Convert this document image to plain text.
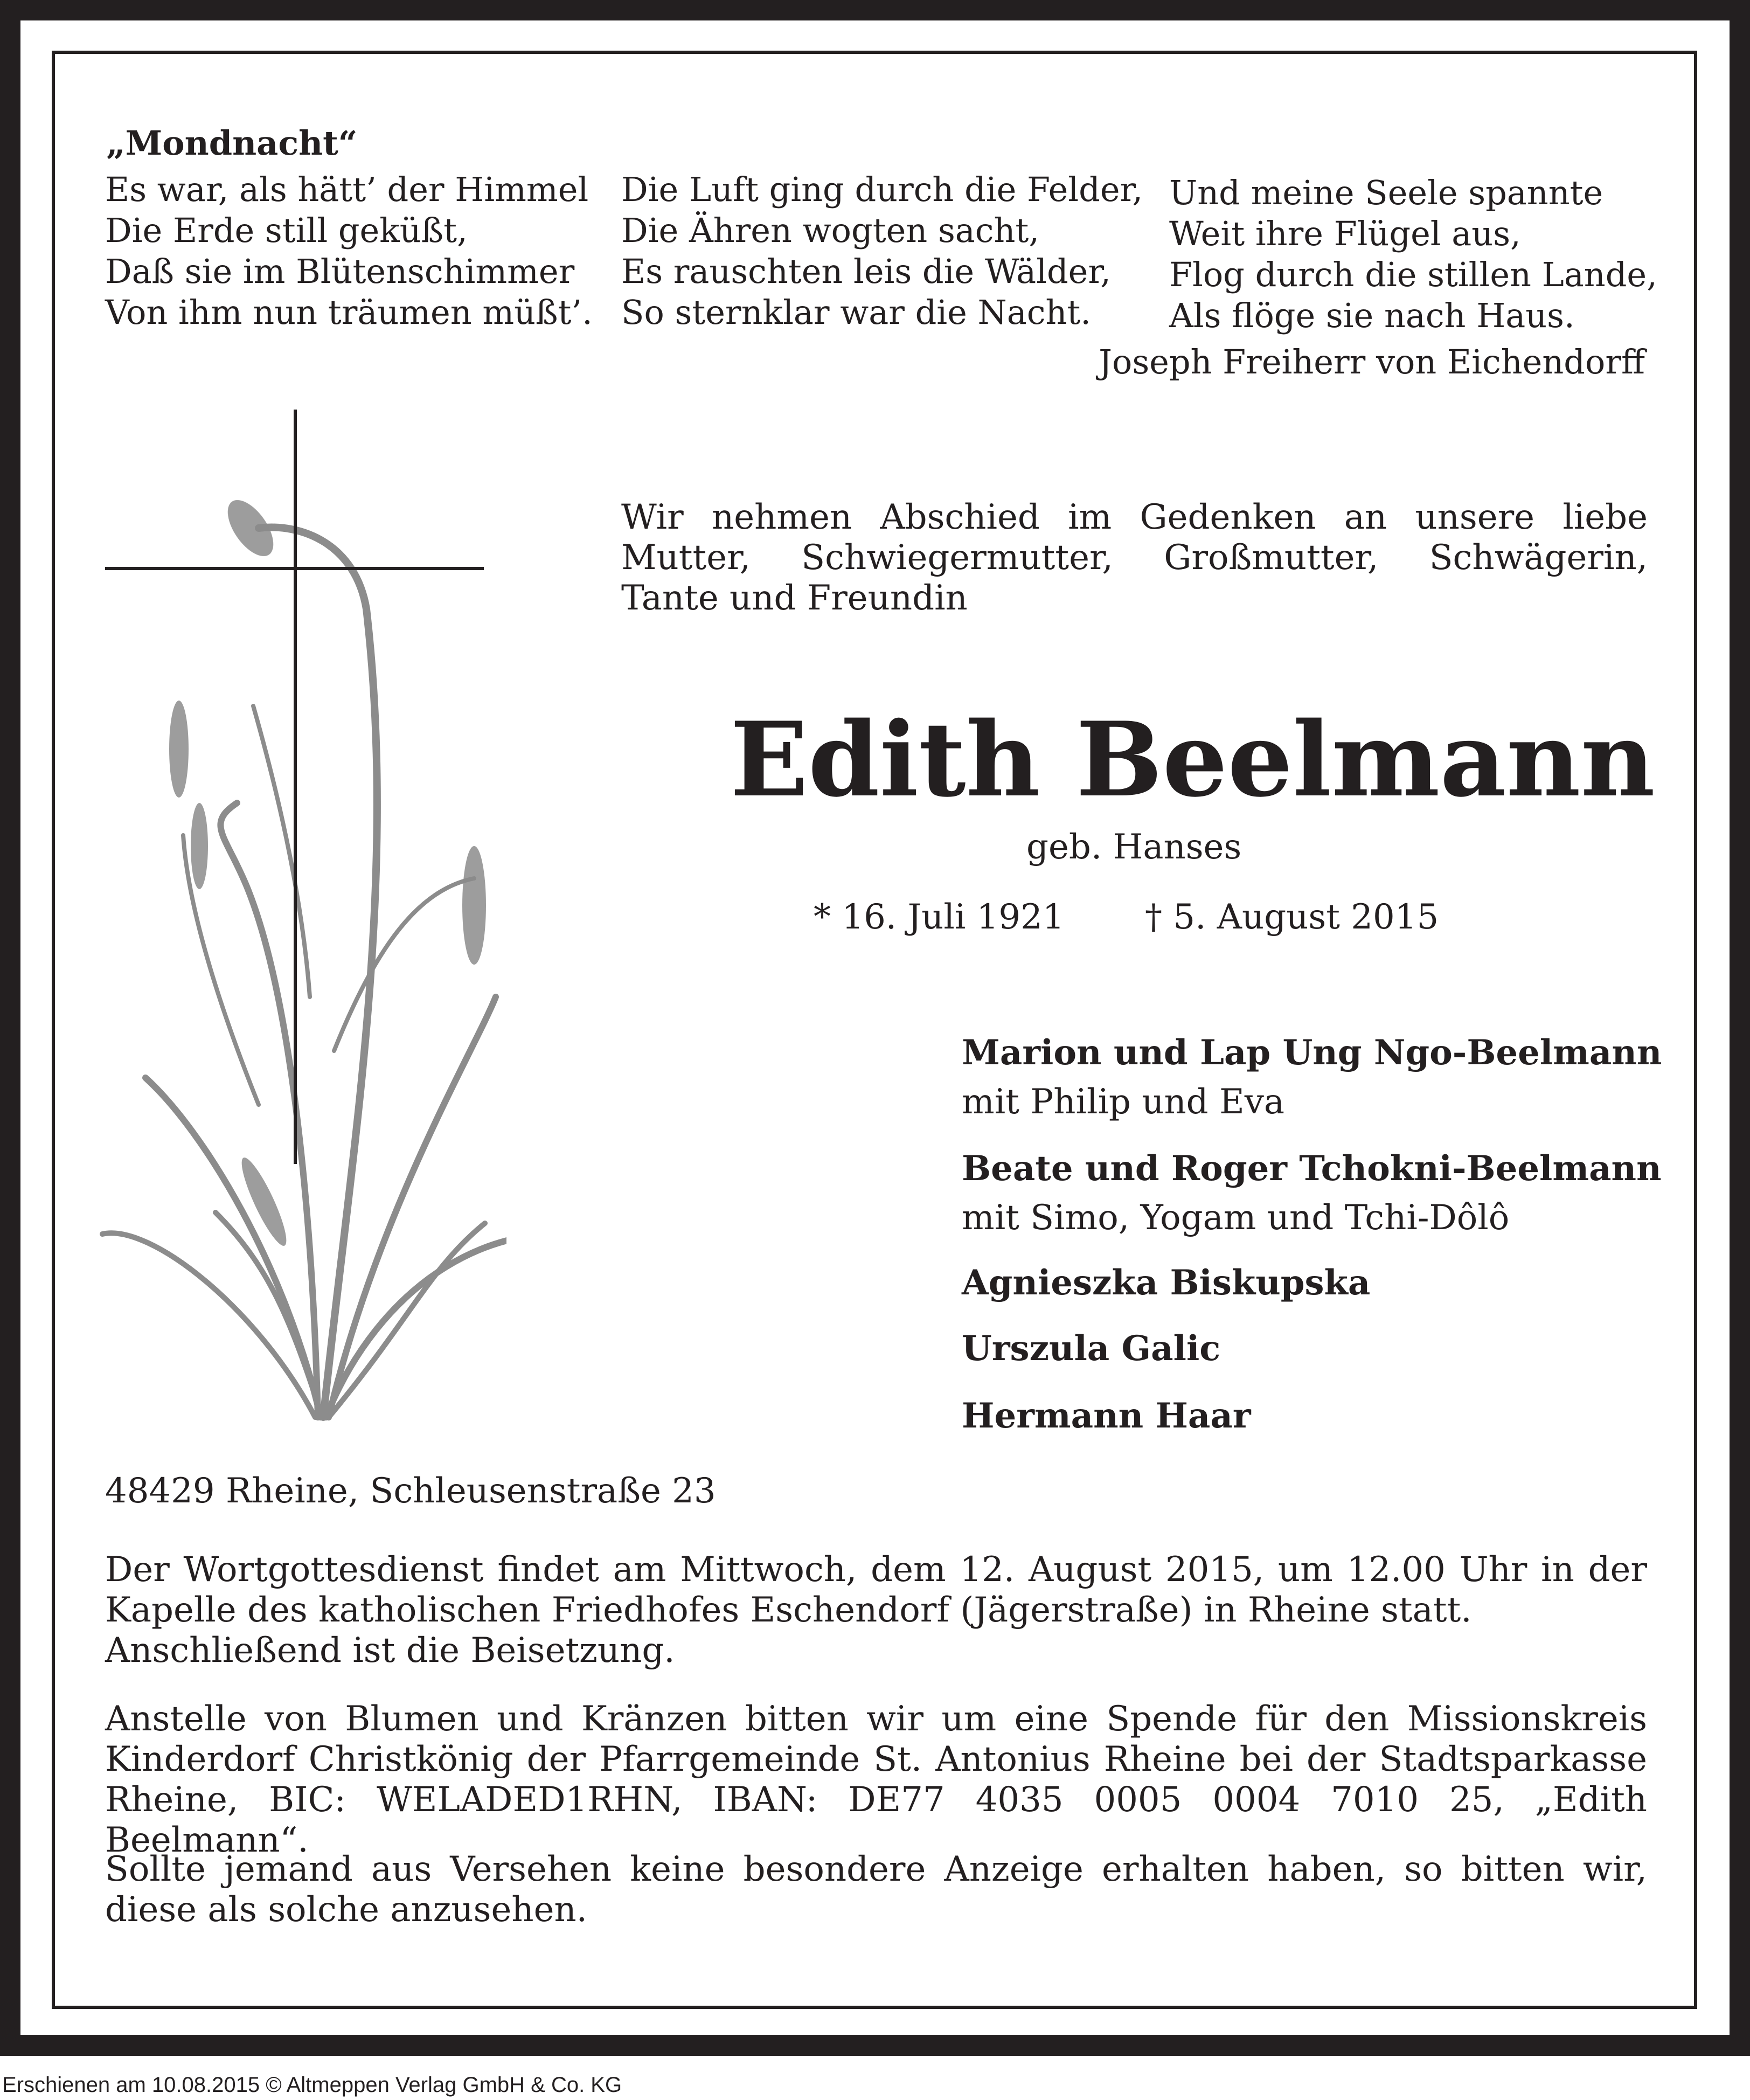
„Mondnacht“
Es war, als hätt’ der Himmel
Die Erde still geküßt,
Daß sie im Blütenschimmer
Von ihm nun träumen müßt’.
Die Luft ging durch die Felder,
Die Ähren wogten sacht,
Es rauschten leis die Wälder,
So sternklar war die Nacht.
Und meine Seele spannte
Weit ihre Flügel aus,
Flog durch die stillen Lande,
Als flöge sie nach Haus.
Joseph Freiherr von Eichendorff
Wir nehmen Abschied im Gedenken an unsere liebe
Mutter, Schwiegermutter, Großmutter, Schwägerin,
Tante und Freundin
Edith Beelmann
geb. Hanses
* 16. Juli 1921 † 5. August 2015
Marion und Lap Ung Ngo-Beelmann
mit Philip und Eva
Beate und Roger Tchokni-Beelmann
mit Simo, Yogam und Tchi-Dôlô
Agnieszka Biskupska
Urszula Galic
Hermann Haar
48429 Rheine, Schleusenstraße 23
Der Wortgottesdienst findet am Mittwoch, dem 12. August 2015, um 12.00 Uhr in der
Kapelle des katholischen Friedhofes Eschendorf (Jägerstraße) in Rheine statt.
Anschließend ist die Beisetzung.
Anstelle von Blumen und Kränzen bitten wir um eine Spende für den Missionskreis
Kinderdorf Christkönig der Pfarrgemeinde St. Antonius Rheine bei der Stadtsparkasse
Rheine, BIC: WELADED1RHN, IBAN: DE77 4035 0005 0004 7010 25, „Edith Beelmann“.
Sollte jemand aus Versehen keine besondere Anzeige erhalten haben, so bitten wir,
diese als solche anzusehen.
Erschienen am 10.08.2015 © Altmeppen Verlag GmbH & Co. KG
